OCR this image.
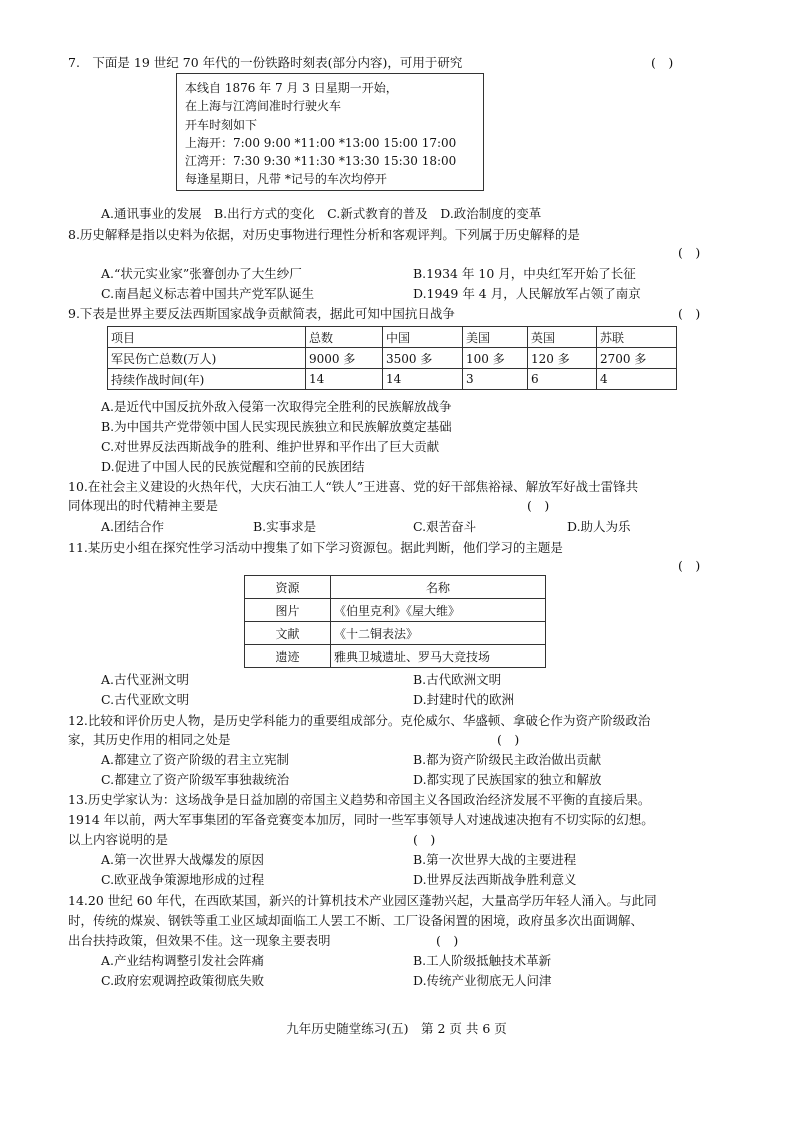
7.　下面是 19 世纪 70 年代的一份铁路时刻表(部分内容)，可用于研究	(　)
本线自 1876 年 7 月 3 日星期一开始，
在上海与江湾间准时行驶火车
开车时刻如下
上海开：7:00 9:00 *11:00 *13:00 15:00 17:00
江湾开：7:30 9:30 *11:30 *13:30 15:30 18:00
每逢星期日，凡带 *记号的车次均停开
A.通讯事业的发展　B.出行方式的变化　C.新式教育的普及　D.政治制度的变革
8.历史解释是指以史料为依据，对历史事物进行理性分析和客观评判。下列属于历史解释的是
(　)
A.“状元实业家”张謇创办了大生纱厂	B.1934 年 10 月，中央红军开始了长征
C.南昌起义标志着中国共产党军队诞生	D.1949 年 4 月，人民解放军占领了南京
9.下表是世界主要反法西斯国家战争贡献简表，据此可知中国抗日战争	(　)
项目	总数	中国	美国	英国	苏联
军民伤亡总数(万人)	9000 多	3500 多	100 多	120 多	2700 多
持续作战时间(年)	14	14	3	6	4
A.是近代中国反抗外敌入侵第一次取得完全胜利的民族解放战争
B.为中国共产党带领中国人民实现民族独立和民族解放奠定基础
C.对世界反法西斯战争的胜利、维护世界和平作出了巨大贡献
D.促进了中国人民的民族觉醒和空前的民族团结
10.在社会主义建设的火热年代，大庆石油工人“铁人”王进喜、党的好干部焦裕禄、解放军好战士雷锋共
同体现出的时代精神主要是	(　)
A.团结合作	B.实事求是	C.艰苦奋斗	D.助人为乐
11.某历史小组在探究性学习活动中搜集了如下学习资源包。据此判断，他们学习的主题是
(　)
资源	名称
图片	《伯里克利》《屋大维》
文献	《十二铜表法》
遗迹	雅典卫城遗址、罗马大竞技场
A.古代亚洲文明	B.古代欧洲文明
C.古代亚欧文明	D.封建时代的欧洲
12.比较和评价历史人物，是历史学科能力的重要组成部分。克伦威尔、华盛顿、拿破仑作为资产阶级政治
家，其历史作用的相同之处是	(　)
A.都建立了资产阶级的君主立宪制	B.都为资产阶级民主政治做出贡献
C.都建立了资产阶级军事独裁统治	D.都实现了民族国家的独立和解放
13.历史学家认为：这场战争是日益加剧的帝国主义趋势和帝国主义各国政治经济发展不平衡的直接后果。
1914 年以前，两大军事集团的军备竞赛变本加厉，同时一些军事领导人对速战速决抱有不切实际的幻想。
以上内容说明的是	(　)
A.第一次世界大战爆发的原因	B.第一次世界大战的主要进程
C.欧亚战争策源地形成的过程	D.世界反法西斯战争胜利意义
14.20 世纪 60 年代，在西欧某国，新兴的计算机技术产业园区蓬勃兴起，大量高学历年轻人涌入。与此同
时，传统的煤炭、钢铁等重工业区域却面临工人罢工不断、工厂设备闲置的困境，政府虽多次出面调解、
出台扶持政策，但效果不佳。这一现象主要表明	(　)
A.产业结构调整引发社会阵痛	B.工人阶级抵触技术革新
C.政府宏观调控政策彻底失败	D.传统产业彻底无人问津
九年历史随堂练习(五)　第 2 页 共 6 页
